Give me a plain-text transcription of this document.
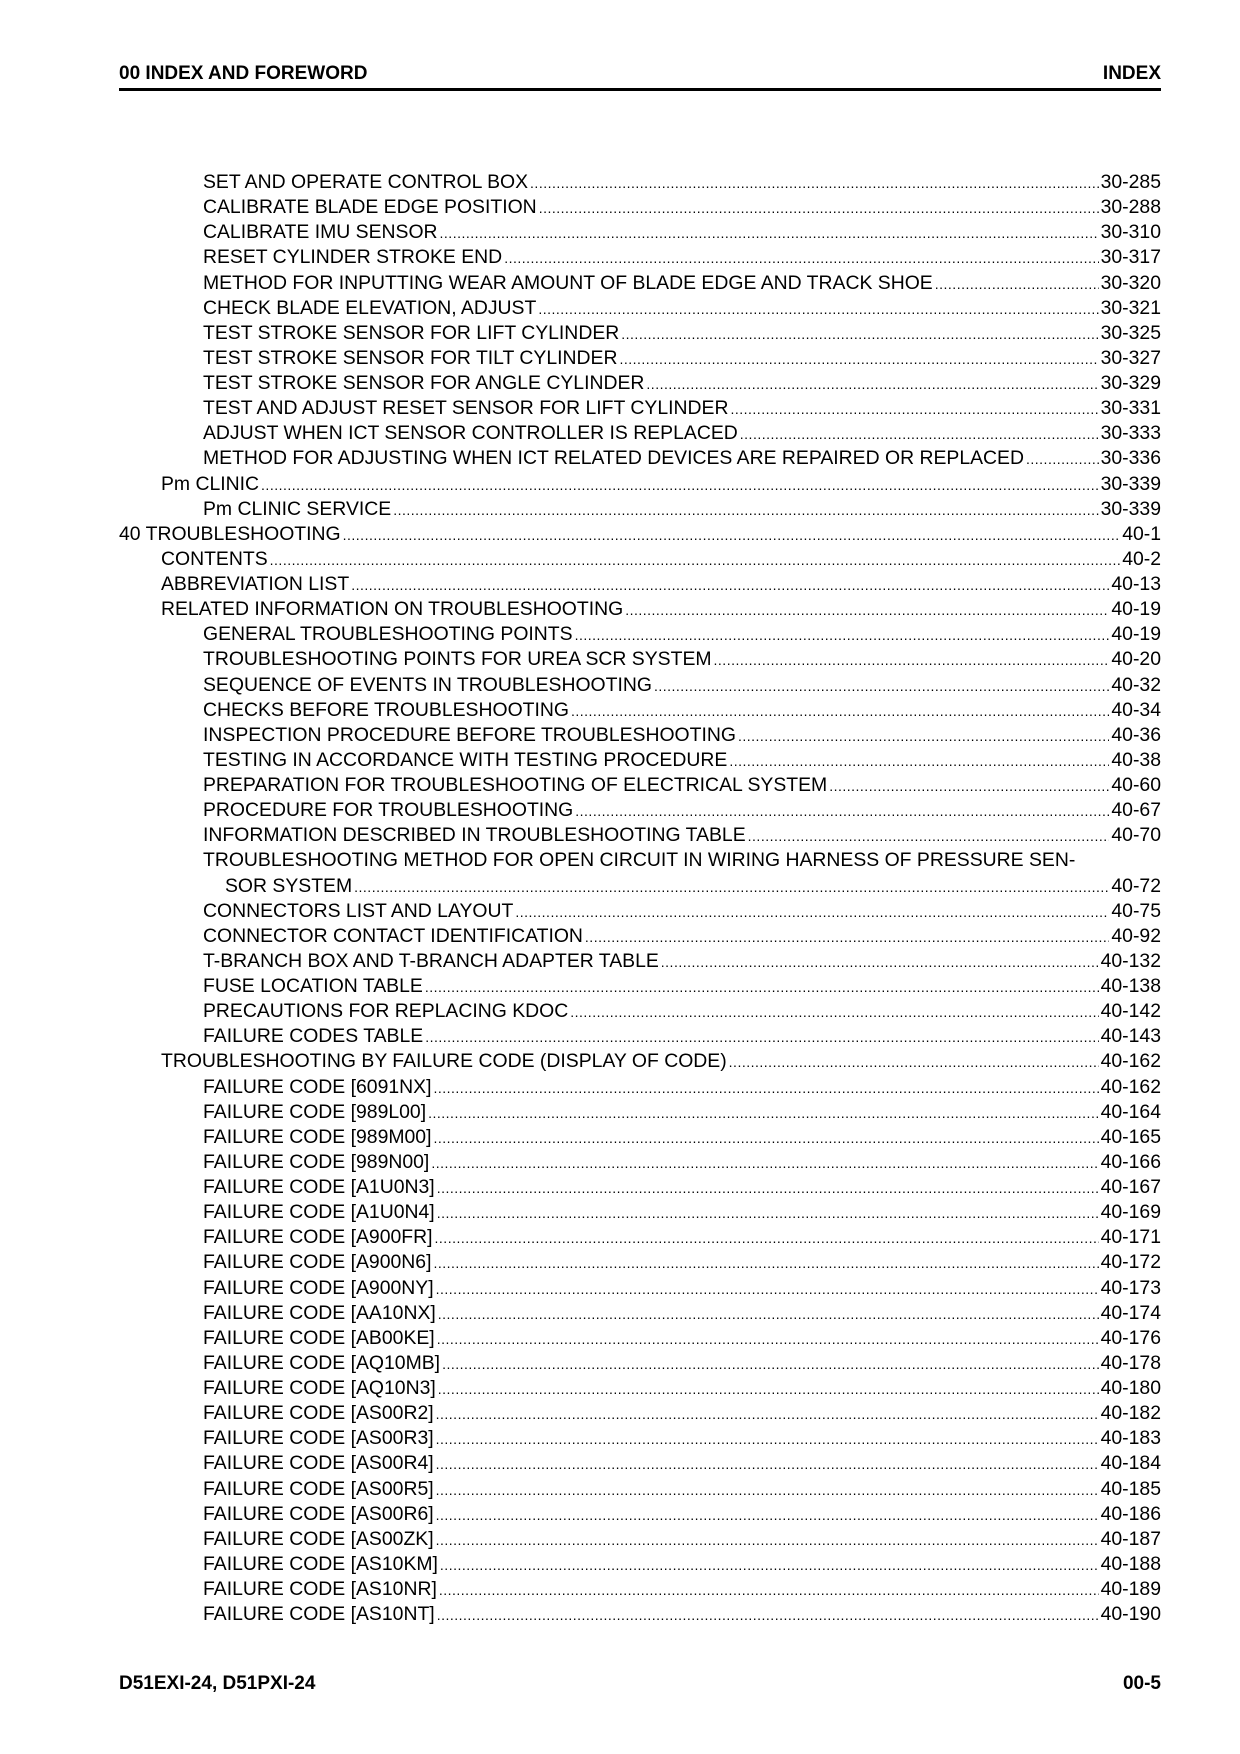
00 INDEX AND FOREWORD	INDEX
SET AND OPERATE CONTROL BOX .....	30-285
CALIBRATE BLADE EDGE POSITION .....	30-288
CALIBRATE IMU SENSOR .....	30-310
RESET CYLINDER STROKE END .....	30-317
METHOD FOR INPUTTING WEAR AMOUNT OF BLADE EDGE AND TRACK SHOE .....	30-320
CHECK BLADE ELEVATION, ADJUST .....	30-321
TEST STROKE SENSOR FOR LIFT CYLINDER .....	30-325
TEST STROKE SENSOR FOR TILT CYLINDER .....	30-327
TEST STROKE SENSOR FOR ANGLE CYLINDER .....	30-329
TEST AND ADJUST RESET SENSOR FOR LIFT CYLINDER .....	30-331
ADJUST WHEN ICT SENSOR CONTROLLER IS REPLACED .....	30-333
METHOD FOR ADJUSTING WHEN ICT RELATED DEVICES ARE REPAIRED OR REPLACED .....	30-336
Pm CLINIC .....	30-339
Pm CLINIC SERVICE .....	30-339
40 TROUBLESHOOTING .....	40-1
CONTENTS .....	40-2
ABBREVIATION LIST .....	40-13
RELATED INFORMATION ON TROUBLESHOOTING .....	40-19
GENERAL TROUBLESHOOTING POINTS .....	40-19
TROUBLESHOOTING POINTS FOR UREA SCR SYSTEM .....	40-20
SEQUENCE OF EVENTS IN TROUBLESHOOTING .....	40-32
CHECKS BEFORE TROUBLESHOOTING .....	40-34
INSPECTION PROCEDURE BEFORE TROUBLESHOOTING .....	40-36
TESTING IN ACCORDANCE WITH TESTING PROCEDURE .....	40-38
PREPARATION FOR TROUBLESHOOTING OF ELECTRICAL SYSTEM .....	40-60
PROCEDURE FOR TROUBLESHOOTING .....	40-67
INFORMATION DESCRIBED IN TROUBLESHOOTING TABLE .....	40-70
TROUBLESHOOTING METHOD FOR OPEN CIRCUIT IN WIRING HARNESS OF PRESSURE SEN-
SOR SYSTEM .....	40-72
CONNECTORS LIST AND LAYOUT .....	40-75
CONNECTOR CONTACT IDENTIFICATION .....	40-92
T-BRANCH BOX AND T-BRANCH ADAPTER TABLE .....	40-132
FUSE LOCATION TABLE .....	40-138
PRECAUTIONS FOR REPLACING KDOC .....	40-142
FAILURE CODES TABLE .....	40-143
TROUBLESHOOTING BY FAILURE CODE (DISPLAY OF CODE) .....	40-162
FAILURE CODE [6091NX] .....	40-162
FAILURE CODE [989L00] .....	40-164
FAILURE CODE [989M00] .....	40-165
FAILURE CODE [989N00] .....	40-166
FAILURE CODE [A1U0N3] .....	40-167
FAILURE CODE [A1U0N4] .....	40-169
FAILURE CODE [A900FR] .....	40-171
FAILURE CODE [A900N6] .....	40-172
FAILURE CODE [A900NY] .....	40-173
FAILURE CODE [AA10NX] .....	40-174
FAILURE CODE [AB00KE] .....	40-176
FAILURE CODE [AQ10MB] .....	40-178
FAILURE CODE [AQ10N3] .....	40-180
FAILURE CODE [AS00R2] .....	40-182
FAILURE CODE [AS00R3] .....	40-183
FAILURE CODE [AS00R4] .....	40-184
FAILURE CODE [AS00R5] .....	40-185
FAILURE CODE [AS00R6] .....	40-186
FAILURE CODE [AS00ZK] .....	40-187
FAILURE CODE [AS10KM] .....	40-188
FAILURE CODE [AS10NR] .....	40-189
FAILURE CODE [AS10NT] .....	40-190
D51EXI-24, D51PXI-24	00-5
